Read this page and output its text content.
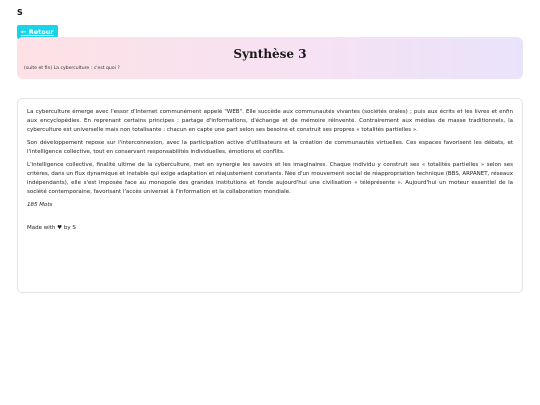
S
← Retour
Synthèse 3
(suite et fin) La cyberculture : c'est quoi ?

La cyberculture émerge avec l'essor d'Internet communément appelé "WEB". Elle succède aux communautés vivantes (sociétés orales) ; puis aux écrits et les livres et enfin aux encyclopédies. En reprenant certains principes : partage d'informations, d'échange et de mémoire réinventé. Contrairement aux médias de masse traditionnels, la cyberculture est universelle mais non totalisante : chacun en capte une part selon ses besoins et construit ses propres « totalités partielles ».

Son développement repose sur l'interconnexion, avec la participation active d'utilisateurs et la création de communautés virtuelles. Ces espaces favorisent les débats, et l'intelligence collective, tout en conservant responsabilités individuelles, émotions et conflits.

L'intelligence collective, finalité ultime de la cyberculture, met en synergie les savoirs et les imaginaires. Chaque individu y construit ses « totalités partielles » selon ses critères, dans un flux dynamique et instable qui exige adaptation et réajustement constants. Née d'un mouvement social de réappropriation technique (BBS, ARPANET, réseaux indépendants), elle s'est imposée face au monopole des grandes institutions et fonde aujourd'hui une civilisation « téléprésente ». Aujourd'hui un moteur essentiel de la société contemporaine, favorisant l'accès universel à l'information et la collaboration mondiale.

185 Mots
Made with ♥ by S
